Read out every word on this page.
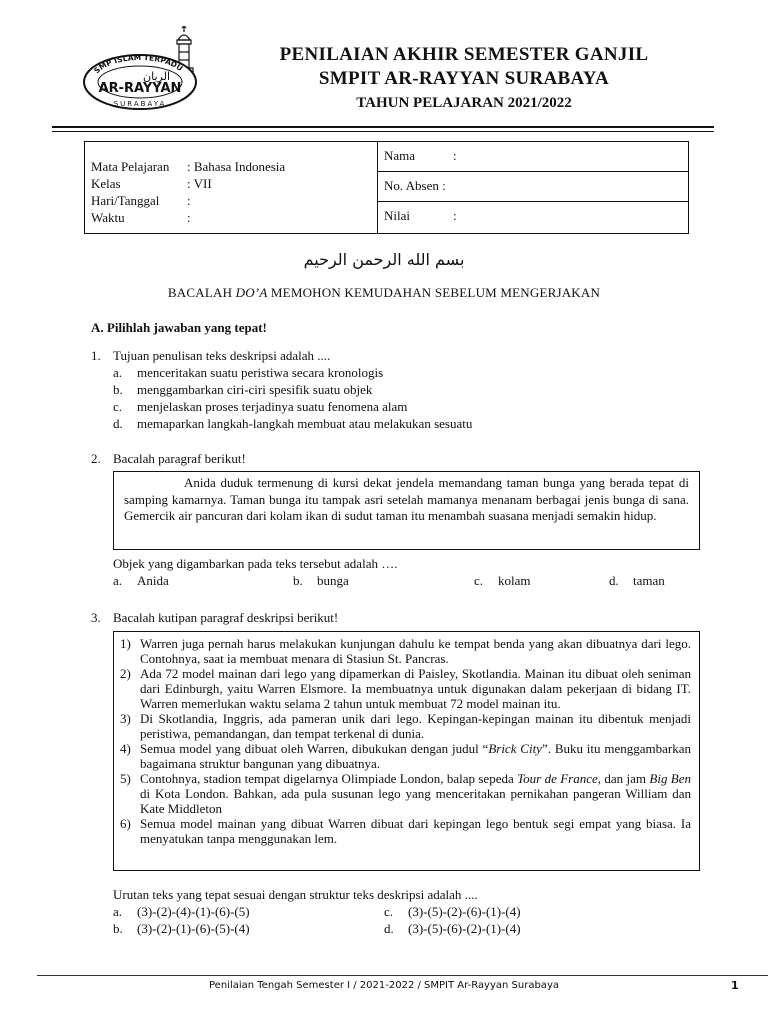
SMP ISLAM TERPADU
الريان
AR-RAYYAN
SURABAYA
PENILAIAN AKHIR SEMESTER GANJIL
SMPIT AR-RAYYAN SURABAYA
TAHUN PELAJARAN 2021/2022
Mata Pelajaran	: Bahasa Indonesia
Kelas	: VII
Hari/Tanggal	:
Waktu	:
Nama	:
No. Absen :
Nilai	:
بسم الله الرحمن الرحيم
BACALAH DO’A MEMOHON KEMUDAHAN SEBELUM MENGERJAKAN
A. Pilihlah jawaban yang tepat!
1. Tujuan penulisan teks deskripsi adalah ....
a. menceritakan suatu peristiwa secara kronologis
b. menggambarkan ciri-ciri spesifik suatu objek
c. menjelaskan proses terjadinya suatu fenomena alam
d. memaparkan langkah-langkah membuat atau melakukan sesuatu
2. Bacalah paragraf berikut!

Anida duduk termenung di kursi dekat jendela memandang taman bunga yang berada tepat di samping kamarnya. Taman bunga itu tampak asri setelah mamanya menanam berbagai jenis bunga di sana. Gemercik air pancuran dari kolam ikan di sudut taman itu menambah suasana menjadi semakin hidup.

Objek yang digambarkan pada teks tersebut adalah ….
a. Anida	b. bunga	c. kolam	d. taman
3. Bacalah kutipan paragraf deskripsi berikut!
1) Warren juga pernah harus melakukan kunjungan dahulu ke tempat benda yang akan dibuatnya dari lego. Contohnya, saat ia membuat menara di Stasiun St. Pancras.
2) Ada 72 model mainan dari lego yang dipamerkan di Paisley, Skotlandia. Mainan itu dibuat oleh seniman dari Edinburgh, yaitu Warren Elsmore. Ia membuatnya untuk digunakan dalam pekerjaan di bidang IT. Warren memerlukan waktu selama 2 tahun untuk membuat 72 model mainan itu.
3) Di Skotlandia, Inggris, ada pameran unik dari lego. Kepingan-kepingan mainan itu dibentuk menjadi peristiwa, pemandangan, dan tempat terkenal di dunia.
4) Semua model yang dibuat oleh Warren, dibukukan dengan judul “Brick City”. Buku itu menggambarkan bagaimana struktur bangunan yang dibuatnya.
5) Contohnya, stadion tempat digelarnya Olimpiade London, balap sepeda Tour de France, dan jam Big Ben di Kota London. Bahkan, ada pula susunan lego yang menceritakan pernikahan pangeran William dan Kate Middleton
6) Semua model mainan yang dibuat Warren dibuat dari kepingan lego bentuk segi empat yang biasa. Ia menyatukan tanpa menggunakan lem.
Urutan teks yang tepat sesuai dengan struktur teks deskripsi adalah ....
a. (3)-(2)-(4)-(1)-(6)-(5)
b. (3)-(2)-(1)-(6)-(5)-(4)
c. (3)-(5)-(2)-(6)-(1)-(4)
d. (3)-(5)-(6)-(2)-(1)-(4)
Penilaian Tengah Semester I / 2021-2022 / SMPIT Ar-Rayyan Surabaya	1
